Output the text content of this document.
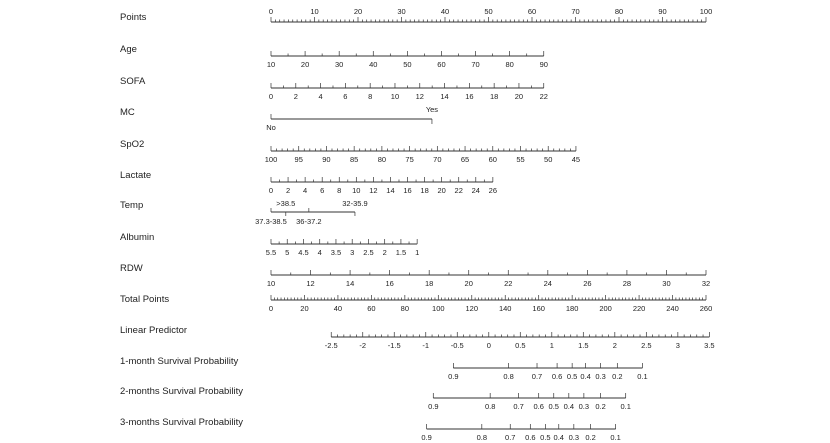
Points
0	10	20	30	40	50	60	70	80	90	100
Age
10	20	30	40	50	60	70	80	90
SOFA
0	2	4	6	8 10 12 14 16 18 20 22
MC
No
Yes
SpO2
100 95	90	85	80	75	70	65	60	55	50	45
Lactate
0 2 4 6 8 10 12 14 16 18 20 22 24 26
Temp
37.3-38.5
>38.5
36-37.2
32-35.9
Albumin
5.5 5 4.5 4 3.5 3 2.5 2 1.5 1
RDW
10	12	14	16	18	20	22	24	26	28	30	32
Total Points
0	20	40	60	80	100	120	140	160	180	200	220	240	260
Linear Predictor
-2.5	-2	-1.5	-1	-0.5	0	0.5	1	1.5	2	2.5	3	3.5
1-month Survival Probability
0.9	0.8 0.7 0.6 0.5 0.4 0.3 0.2 0.1
2-months Survival Probability
0.9	0.8 0.7 0.6 0.5 0.4 0.3 0.2 0.1
3-months Survival Probability
0.9	0.8 0.7 0.6 0.5 0.4 0.3 0.2 0.1
